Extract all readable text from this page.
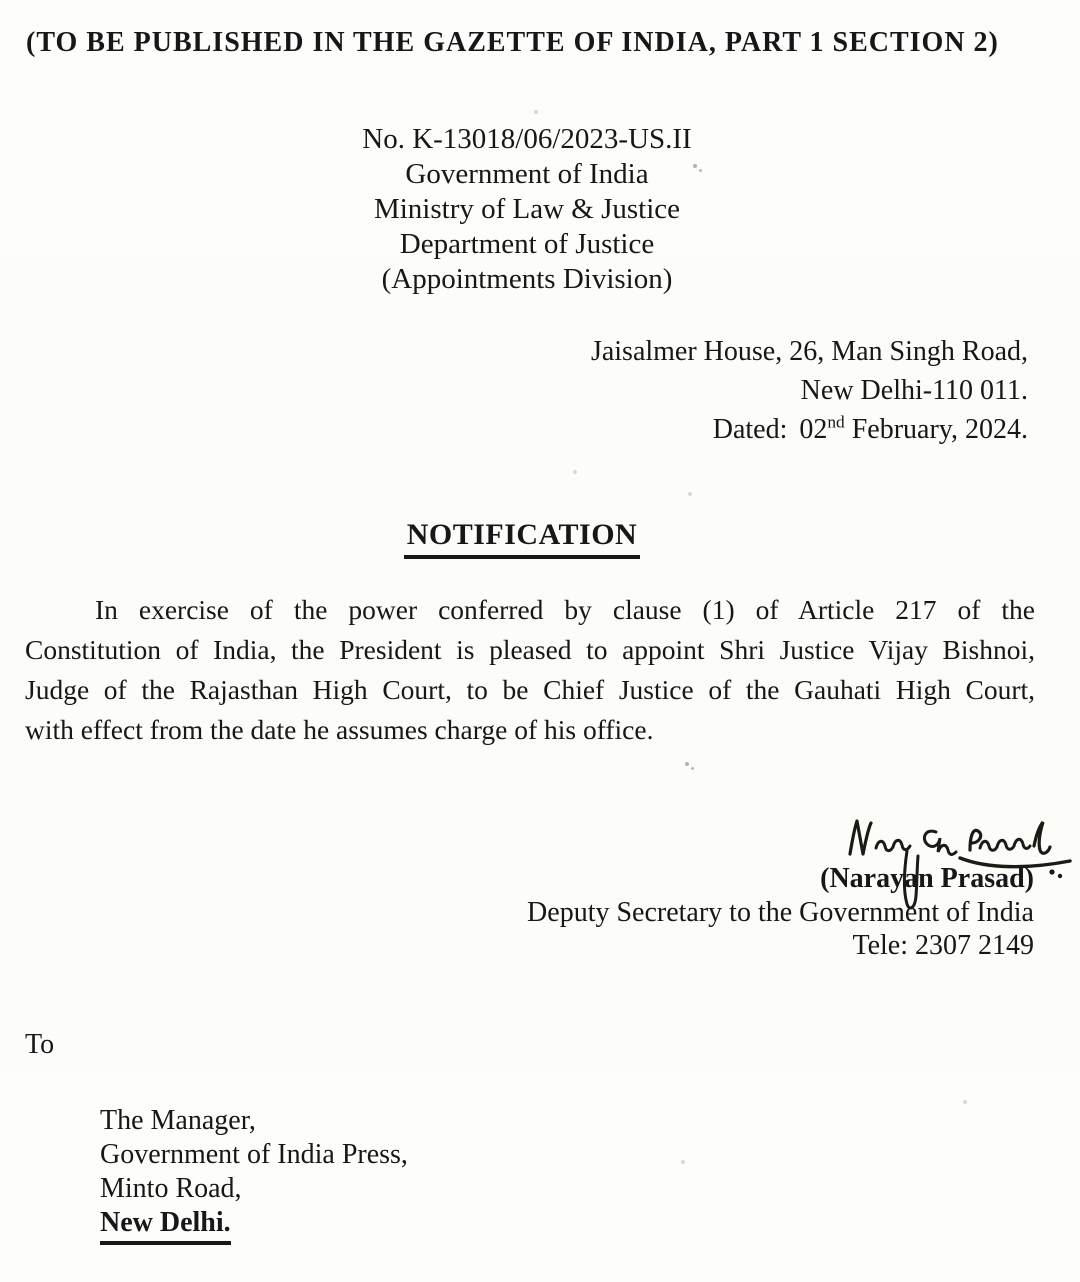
(TO BE PUBLISHED IN THE GAZETTE OF INDIA, PART 1 SECTION 2)
No. K-13018/06/2023-US.II
Government of India
Ministry of Law & Justice
Department of Justice
(Appointments Division)
Jaisalmer House, 26, Man Singh Road,
New Delhi-110 011.
Dated: 02nd February, 2024.
NOTIFICATION
In exercise of the power conferred by clause (1) of Article 217 of the
Constitution of India, the President is pleased to appoint Shri Justice Vijay Bishnoi,
Judge of the Rajasthan High Court, to be Chief Justice of the Gauhati High Court,
with effect from the date he assumes charge of his office.
(Narayan Prasad)
Deputy Secretary to the Government of India
Tele: 2307 2149
To
The Manager,
Government of India Press,
Minto Road,
New Delhi.
